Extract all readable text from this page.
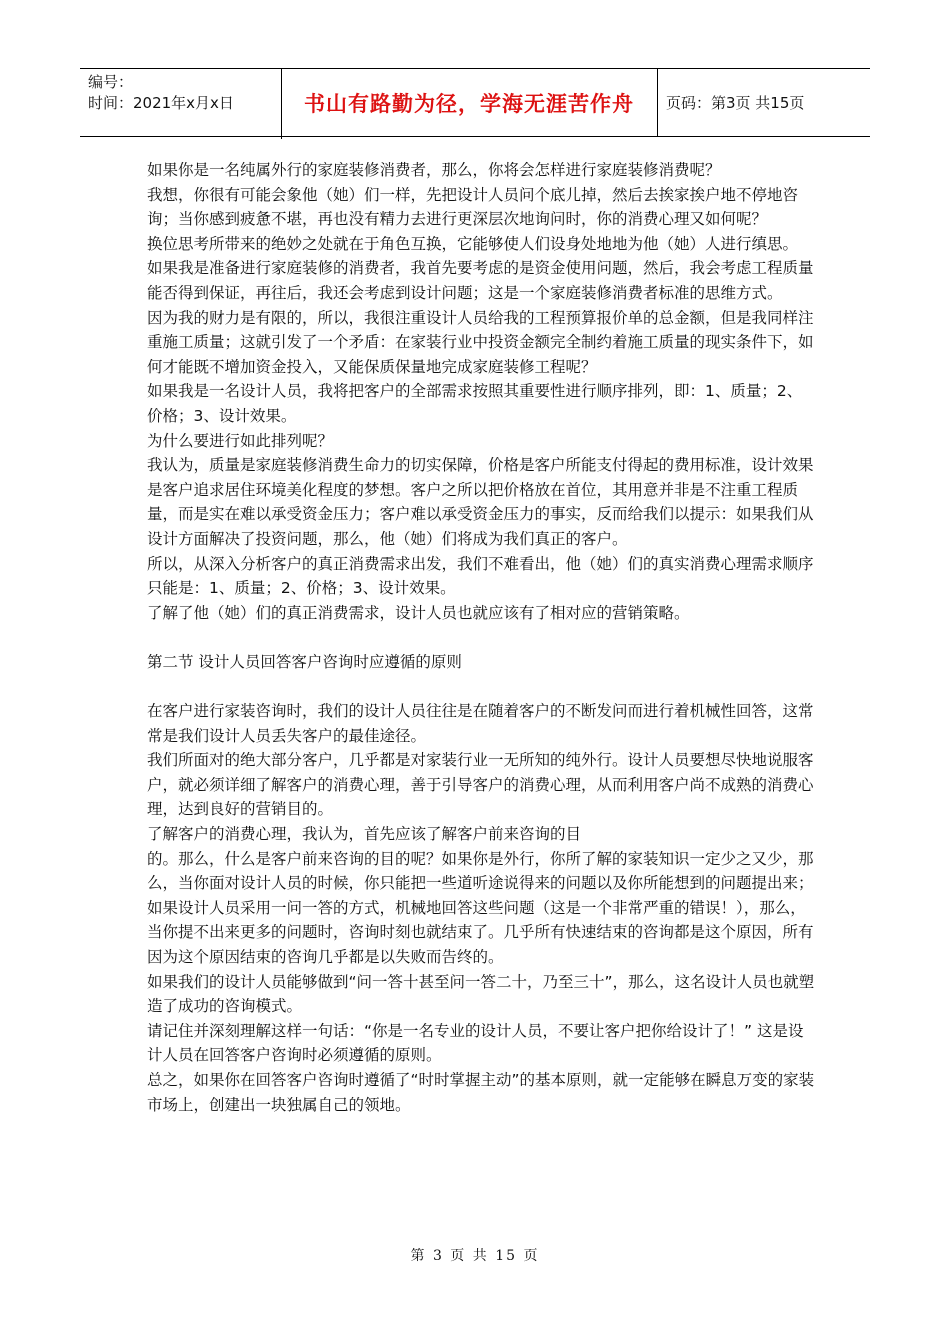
编号：
时间：2021年x月x日	书山有路勤为径，学海无涯苦作舟	页码：第3页 共15页

如果你是一名纯属外行的家庭装修消费者，那么，你将会怎样进行家庭装修消费呢？

我想，你很有可能会象他（她）们一样，先把设计人员问个底儿掉，然后去挨家挨户地不停地咨询；当你感到疲惫不堪，再也没有精力去进行更深层次地询问时，你的消费心理又如何呢？

换位思考所带来的绝妙之处就在于角色互换，它能够使人们设身处地地为他（她）人进行缜思。

如果我是准备进行家庭装修的消费者，我首先要考虑的是资金使用问题，然后，我会考虑工程质量能否得到保证，再往后，我还会考虑到设计问题；这是一个家庭装修消费者标准的思维方式。

因为我的财力是有限的，所以，我很注重设计人员给我的工程预算报价单的总金额，但是我同样注重施工质量；这就引发了一个矛盾：在家装行业中投资金额完全制约着施工质量的现实条件下，如何才能既不增加资金投入，又能保质保量地完成家庭装修工程呢？

如果我是一名设计人员，我将把客户的全部需求按照其重要性进行顺序排列，即：1、质量；2、价格；3、设计效果。

为什么要进行如此排列呢？

我认为，质量是家庭装修消费生命力的切实保障，价格是客户所能支付得起的费用标准，设计效果是客户追求居住环境美化程度的梦想。客户之所以把价格放在首位，其用意并非是不注重工程质量，而是实在难以承受资金压力；客户难以承受资金压力的事实，反而给我们以提示：如果我们从设计方面解决了投资问题，那么，他（她）们将成为我们真正的客户。

所以，从深入分析客户的真正消费需求出发，我们不难看出，他（她）们的真实消费心理需求顺序只能是：1、质量；2、价格；3、设计效果。

了解了他（她）们的真正消费需求，设计人员也就应该有了相对应的营销策略。

第二节 设计人员回答客户咨询时应遵循的原则

在客户进行家装咨询时，我们的设计人员往往是在随着客户的不断发问而进行着机械性回答，这常常是我们设计人员丢失客户的最佳途径。

我们所面对的绝大部分客户，几乎都是对家装行业一无所知的纯外行。设计人员要想尽快地说服客户，就必须详细了解客户的消费心理，善于引导客户的消费心理，从而利用客户尚不成熟的消费心理，达到良好的营销目的。

了解客户的消费心理，我认为，首先应该了解客户前来咨询的目

的。那么，什么是客户前来咨询的目的呢？如果你是外行，你所了解的家装知识一定少之又少，那么，当你面对设计人员的时候，你只能把一些道听途说得来的问题以及你所能想到的问题提出来；如果设计人员采用一问一答的方式，机械地回答这些问题（这是一个非常严重的错误！），那么，当你提不出来更多的问题时，咨询时刻也就结束了。几乎所有快速结束的咨询都是这个原因，所有因为这个原因结束的咨询几乎都是以失败而告终的。

如果我们的设计人员能够做到“问一答十甚至问一答二十，乃至三十”，那么，这名设计人员也就塑造了成功的咨询模式。

请记住并深刻理解这样一句话：“你是一名专业的设计人员，不要让客户把你给设计了！” 这是设计人员在回答客户咨询时必须遵循的原则。

总之，如果你在回答客户咨询时遵循了“时时掌握主动”的基本原则，就一定能够在瞬息万变的家装市场上，创建出一块独属自己的领地。

第 3 页 共 15 页
